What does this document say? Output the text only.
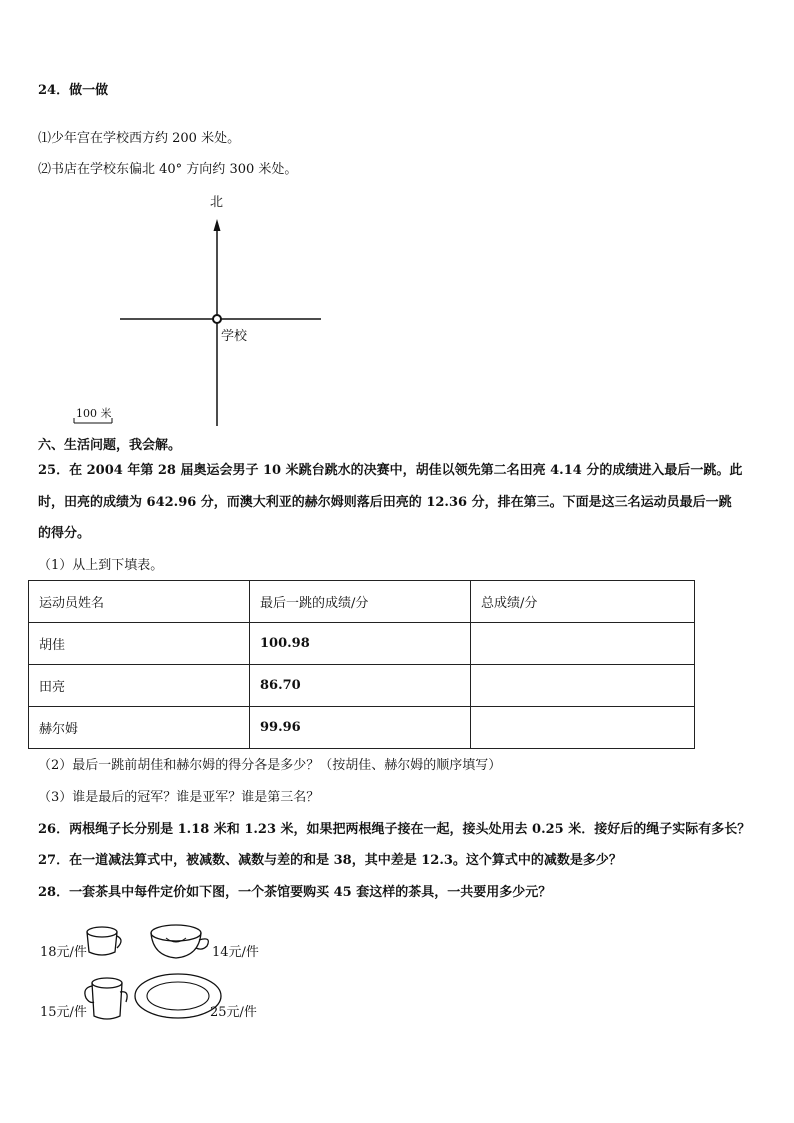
24．做一做
⑴少年宫在学校西方约 200 米处。
⑵书店在学校东偏北 40° 方向约 300 米处。
北
学校
100 米
六、生活问题，我会解。
25．在 2004 年第 28 届奥运会男子 10 米跳台跳水的决赛中，胡佳以领先第二名田亮 4.14 分的成绩进入最后一跳。此
时，田亮的成绩为 642.96 分，而澳大利亚的赫尔姆则落后田亮的 12.36 分，排在第三。下面是这三名运动员最后一跳
的得分。
（1）从上到下填表。
运动员姓名	最后一跳的成绩/分	总成绩/分
胡佳	100.98	
田亮	86.70	
赫尔姆	99.96	
（2）最后一跳前胡佳和赫尔姆的得分各是多少？（按胡佳、赫尔姆的顺序填写）
（3）谁是最后的冠军？谁是亚军？谁是第三名？
26．两根绳子长分别是 1.18 米和 1.23 米，如果把两根绳子接在一起，接头处用去 0.25 米．接好后的绳子实际有多长？
27．在一道减法算式中，被减数、减数与差的和是 38，其中差是 12.3。这个算式中的减数是多少？
28．一套茶具中每件定价如下图，一个茶馆要购买 45 套这样的茶具，一共要用多少元？
18元/件	14元/件
15元/件	25元/件
